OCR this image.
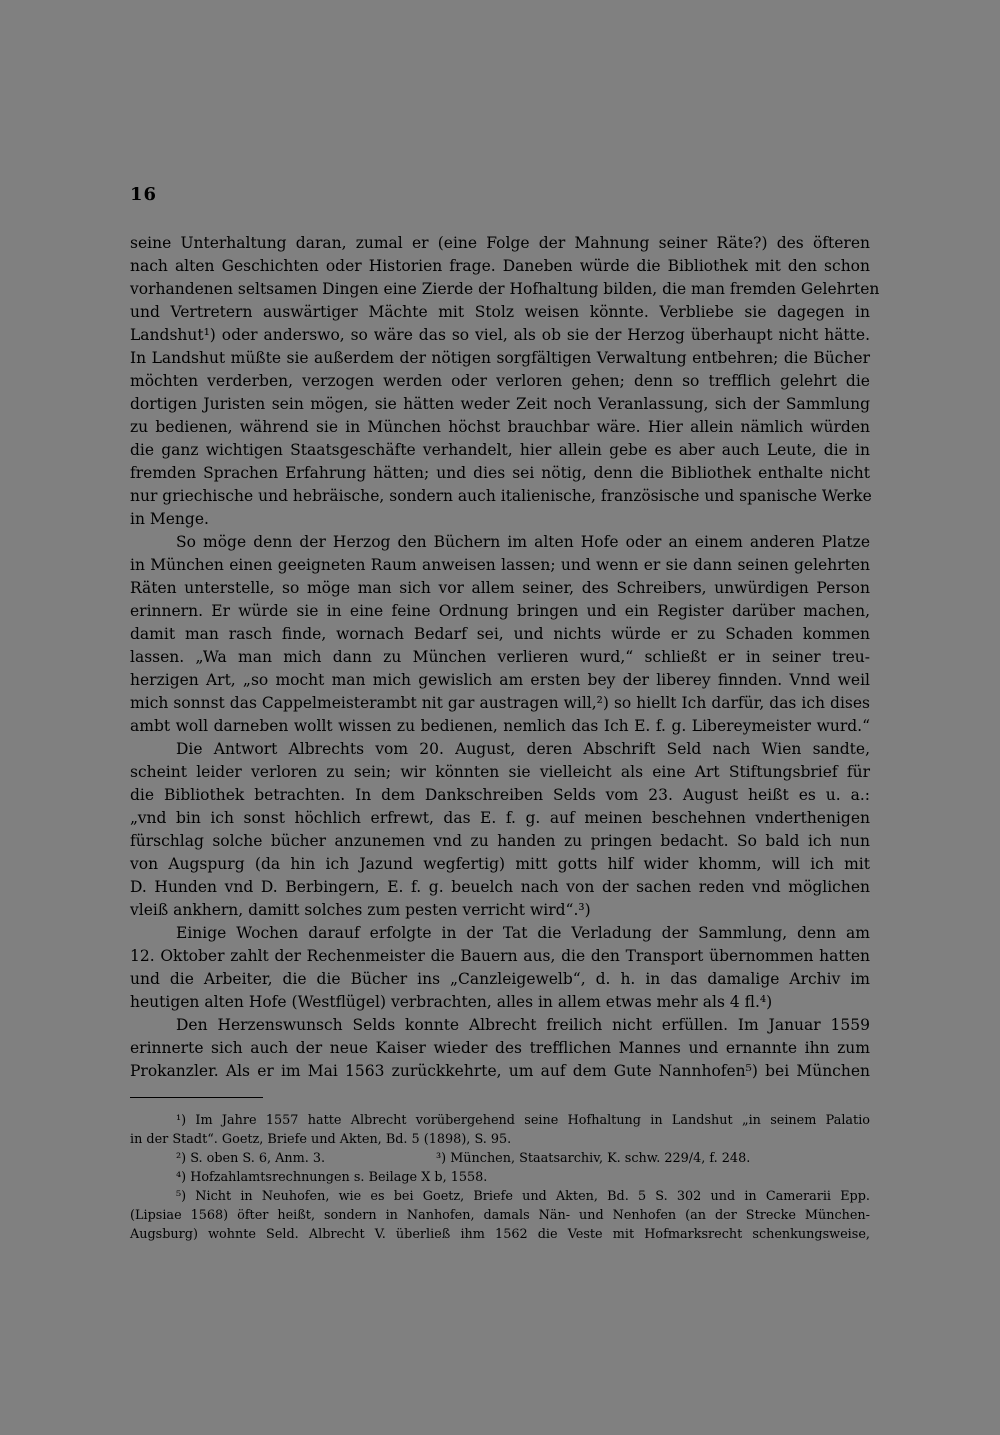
16
seine Unterhaltung daran, zumal er (eine Folge der Mahnung seiner Räte?) des öfteren
nach alten Geschichten oder Historien frage. Daneben würde die Bibliothek mit den schon
vorhandenen seltsamen Dingen eine Zierde der Hofhaltung bilden, die man fremden Gelehrten
und Vertretern auswärtiger Mächte mit Stolz weisen könnte. Verbliebe sie dagegen in
Landshut¹) oder anderswo, so wäre das so viel, als ob sie der Herzog überhaupt nicht hätte.
In Landshut müßte sie außerdem der nötigen sorgfältigen Verwaltung entbehren; die Bücher
möchten verderben, verzogen werden oder verloren gehen; denn so trefflich gelehrt die
dortigen Juristen sein mögen, sie hätten weder Zeit noch Veranlassung, sich der Sammlung
zu bedienen, während sie in München höchst brauchbar wäre. Hier allein nämlich würden
die ganz wichtigen Staatsgeschäfte verhandelt, hier allein gebe es aber auch Leute, die in
fremden Sprachen Erfahrung hätten; und dies sei nötig, denn die Bibliothek enthalte nicht
nur griechische und hebräische, sondern auch italienische, französische und spanische Werke
in Menge.
So möge denn der Herzog den Büchern im alten Hofe oder an einem anderen Platze
in München einen geeigneten Raum anweisen lassen; und wenn er sie dann seinen gelehrten
Räten unterstelle, so möge man sich vor allem seiner, des Schreibers, unwürdigen Person
erinnern. Er würde sie in eine feine Ordnung bringen und ein Register darüber machen,
damit man rasch finde, wornach Bedarf sei, und nichts würde er zu Schaden kommen
lassen. „Wa man mich dann zu München verlieren wurd,“ schließt er in seiner treu-
herzigen Art, „so mocht man mich gewislich am ersten bey der liberey finnden. Vnnd weil
mich sonnst das Cappelmeisterambt nit gar austragen will,²) so hiellt Ich darfür, das ich dises
ambt woll darneben wollt wissen zu bedienen, nemlich das Ich E. f. g. Libereymeister wurd.“
Die Antwort Albrechts vom 20. August, deren Abschrift Seld nach Wien sandte,
scheint leider verloren zu sein; wir könnten sie vielleicht als eine Art Stiftungsbrief für
die Bibliothek betrachten. In dem Dankschreiben Selds vom 23. August heißt es u. a.:
„vnd bin ich sonst höchlich erfrewt, das E. f. g. auf meinen beschehnen vnderthenigen
fürschlag solche bücher anzunemen vnd zu handen zu pringen bedacht. So bald ich nun
von Augspurg (da hin ich Jazund wegfertig) mitt gotts hilf wider khomm, will ich mit
D. Hunden vnd D. Berbingern, E. f. g. beuelch nach von der sachen reden vnd möglichen
vleiß ankhern, damitt solches zum pesten verricht wird“.³)
Einige Wochen darauf erfolgte in der Tat die Verladung der Sammlung, denn am
12. Oktober zahlt der Rechenmeister die Bauern aus, die den Transport übernommen hatten
und die Arbeiter, die die Bücher ins „Canzleigewelb“, d. h. in das damalige Archiv im
heutigen alten Hofe (Westflügel) verbrachten, alles in allem etwas mehr als 4 fl.⁴)
Den Herzenswunsch Selds konnte Albrecht freilich nicht erfüllen. Im Januar 1559
erinnerte sich auch der neue Kaiser wieder des trefflichen Mannes und ernannte ihn zum
Prokanzler. Als er im Mai 1563 zurückkehrte, um auf dem Gute Nannhofen⁵) bei München
¹) Im Jahre 1557 hatte Albrecht vorübergehend seine Hofhaltung in Landshut „in seinem Palatio
in der Stadt“. Goetz, Briefe und Akten, Bd. 5 (1898), S. 95.
²) S. oben S. 6, Anm. 3.	³) München, Staatsarchiv, K. schw. 229/4, f. 248.
⁴) Hofzahlamtsrechnungen s. Beilage X b, 1558.
⁵) Nicht in Neuhofen, wie es bei Goetz, Briefe und Akten, Bd. 5 S. 302 und in Camerarii Epp.
(Lipsiae 1568) öfter heißt, sondern in Nanhofen, damals Nän- und Nenhofen (an der Strecke München-
Augsburg) wohnte Seld. Albrecht V. überließ ihm 1562 die Veste mit Hofmarksrecht schenkungsweise,
